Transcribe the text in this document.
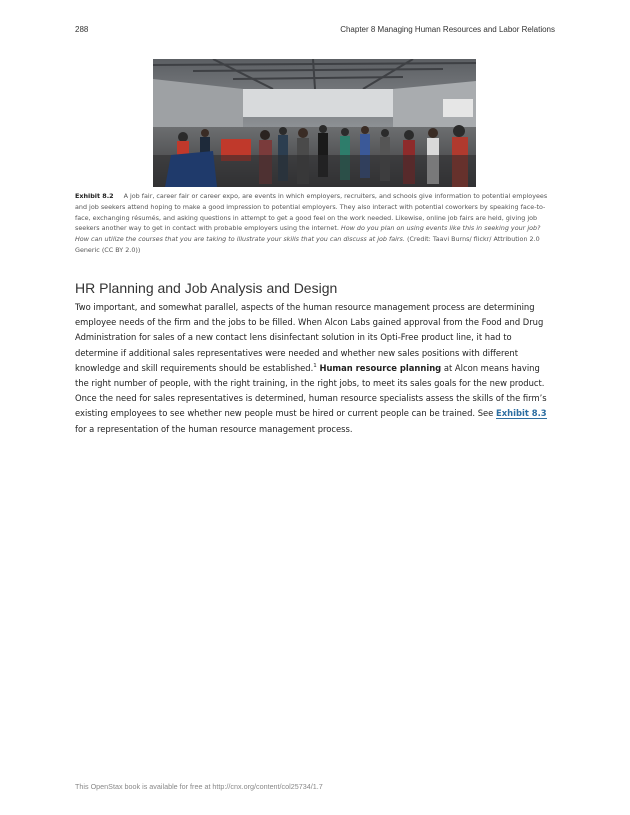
288	Chapter 8 Managing Human Resources and Labor Relations
Exhibit 8.2 A job fair, career fair or career expo, are events in which employers, recruiters, and schools give information to potential employees and job seekers attend hoping to make a good impression to potential employers. They also interact with potential coworkers by speaking face-to-face, exchanging résumés, and asking questions in attempt to get a good feel on the work needed. Likewise, online job fairs are held, giving job seekers another way to get in contact with probable employers using the internet. How do you plan on using events like this in seeking your job? How can utilize the courses that you are taking to illustrate your skills that you can discuss at job fairs. (Credit: Taavi Burns/ flickr/ Attribution 2.0 Generic (CC BY 2.0))
HR Planning and Job Analysis and Design

Two important, and somewhat parallel, aspects of the human resource management process are determining employee needs of the firm and the jobs to be filled. When Alcon Labs gained approval from the Food and Drug Administration for sales of a new contact lens disinfectant solution in its Opti-Free product line, it had to determine if additional sales representatives were needed and whether new sales positions with different knowledge and skill requirements should be established.$^1$ Human resource planning at Alcon means having the right number of people, with the right training, in the right jobs, to meet its sales goals for the new product. Once the need for sales representatives is determined, human resource specialists assess the skills of the firm’s existing employees to see whether new people must be hired or current people can be trained. See Exhibit 8.3 for a representation of the human resource management process.

This OpenStax book is available for free at http://cnx.org/content/col25734/1.7
